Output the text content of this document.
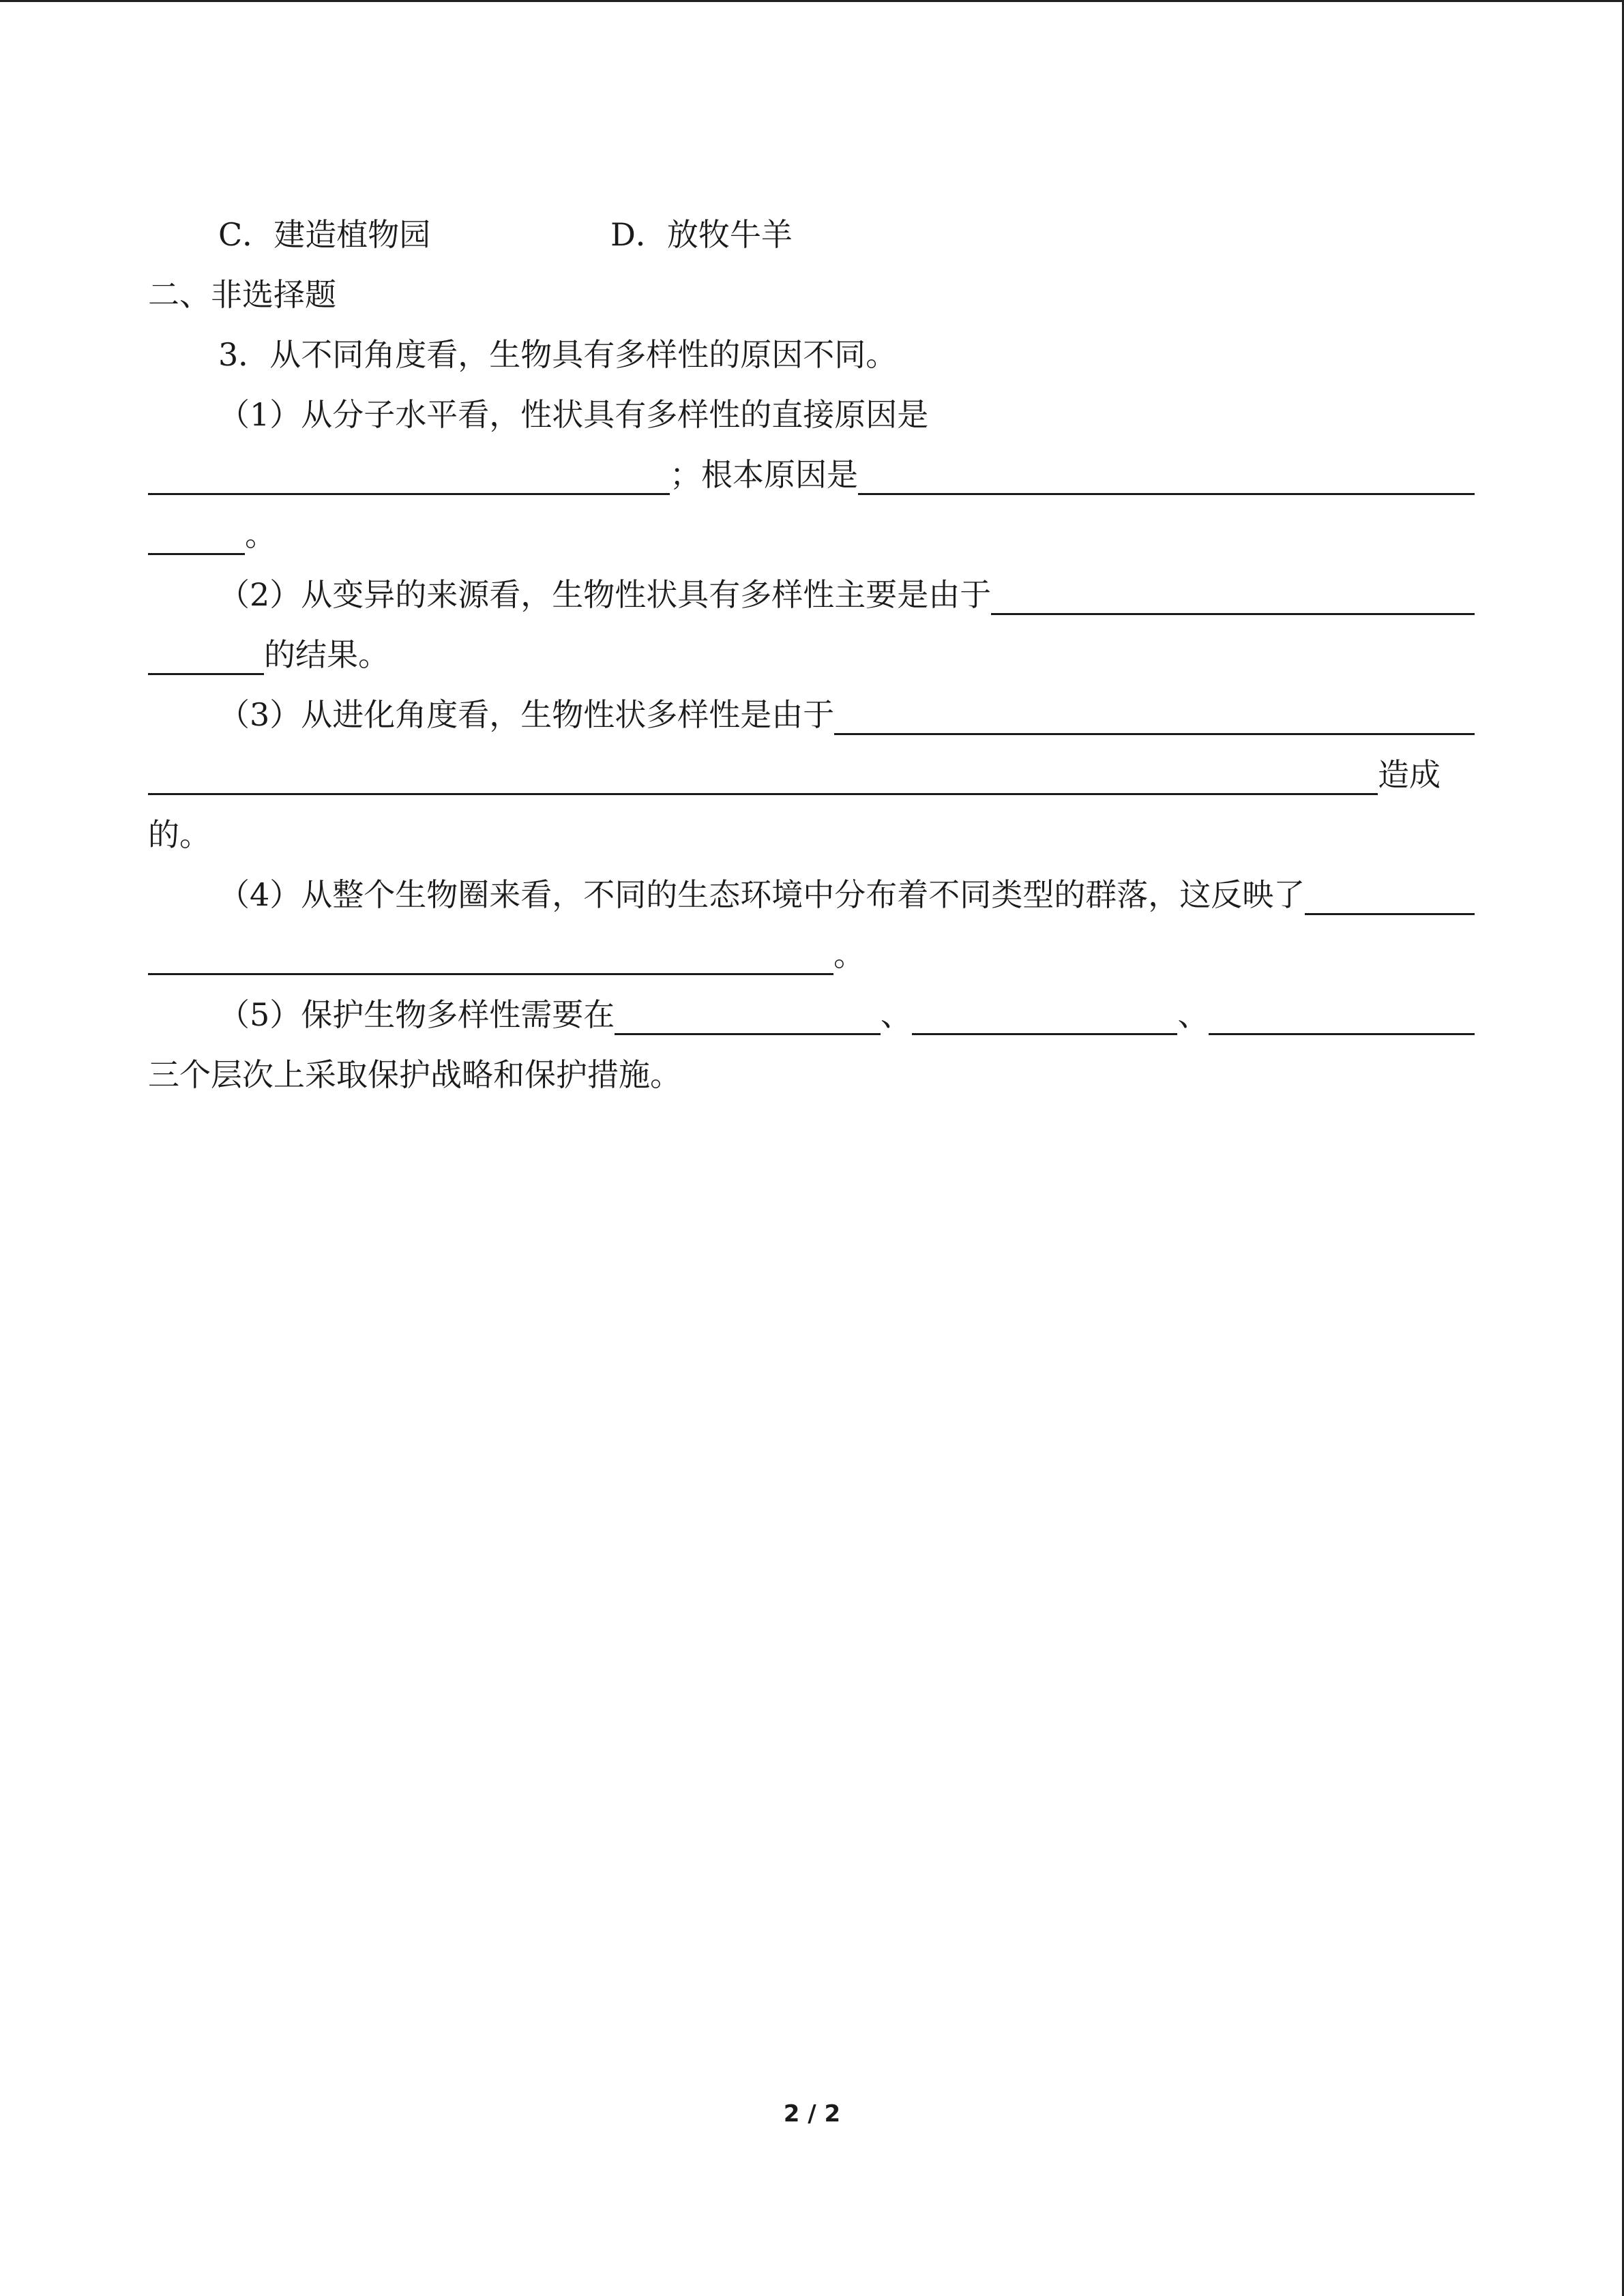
C．建造植物园	D．放牧牛羊
二、非选择题
3．从不同角度看，生物具有多样性的原因不同。
（1）从分子水平看，性状具有多样性的直接原因是
；根本原因是
。
（2）从变异的来源看，生物性状具有多样性主要是由于
的结果。
（3）从进化角度看，生物性状多样性是由于
造成
的。
（4）从整个生物圈来看，不同的生态环境中分布着不同类型的群落，这反映了
。
（5）保护生物多样性需要在	、	、
三个层次上采取保护战略和保护措施。
2 / 2
